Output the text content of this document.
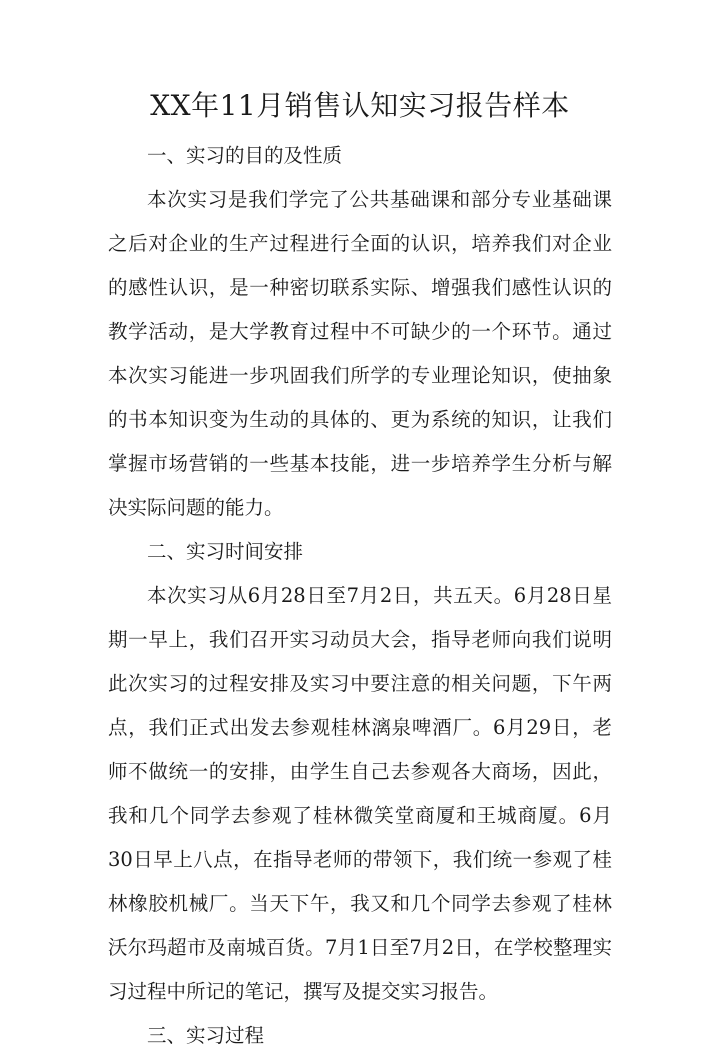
XX年11月销售认知实习报告样本

一、实习的目的及性质

本次实习是我们学完了公共基础课和部分专业基础课之后对企业的生产过程进行全面的认识，培养我们对企业的感性认识，是一种密切联系实际、增强我们感性认识的教学活动，是大学教育过程中不可缺少的一个环节。通过本次实习能进一步巩固我们所学的专业理论知识，使抽象的书本知识变为生动的具体的、更为系统的知识，让我们掌握市场营销的一些基本技能，进一步培养学生分析与解决实际问题的能力。

二、实习时间安排

本次实习从6月28日至7月2日，共五天。6月28日星期一早上，我们召开实习动员大会，指导老师向我们说明此次实习的过程安排及实习中要注意的相关问题，下午两点，我们正式出发去参观桂林漓泉啤酒厂。6月29日，老师不做统一的安排，由学生自己去参观各大商场，因此，我和几个同学去参观了桂林微笑堂商厦和王城商厦。6月30日早上八点，在指导老师的带领下，我们统一参观了桂林橡胶机械厂。当天下午，我又和几个同学去参观了桂林沃尔玛超市及南城百货。7月1日至7月2日，在学校整理实习过程中所记的笔记，撰写及提交实习报告。

三、实习过程
